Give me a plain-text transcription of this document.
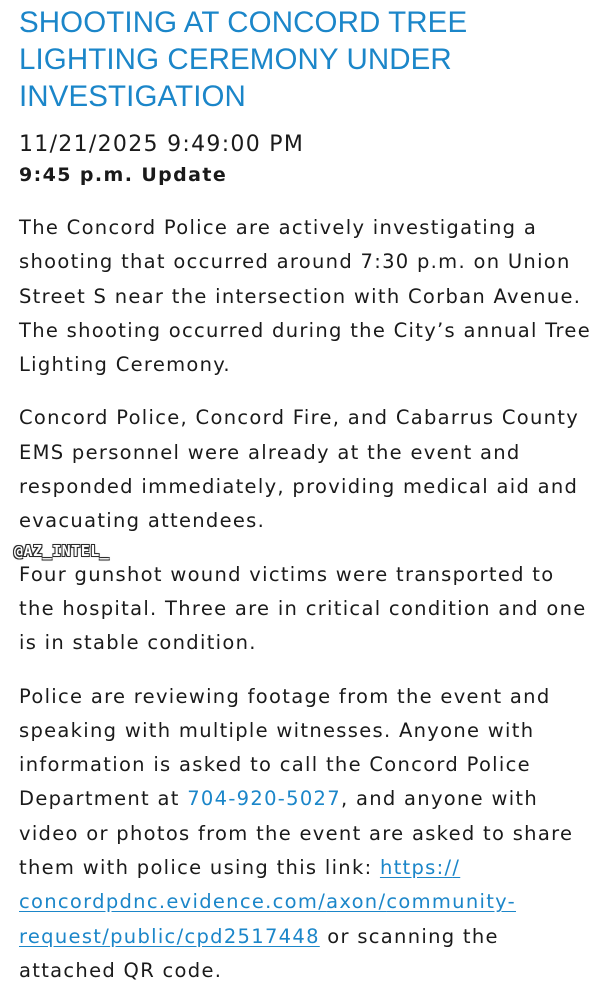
SHOOTING AT CONCORD TREE
LIGHTING CEREMONY UNDER
INVESTIGATION

11/21/2025 9:49:00 PM

9:45 p.m. Update

The Concord Police are actively investigating a shooting that occurred around 7:30 p.m. on Union Street S near the intersection with Corban Avenue. The shooting occurred during the City’s annual Tree Lighting Ceremony.

Concord Police, Concord Fire, and Cabarrus County EMS personnel were already at the event and responded immediately, providing medical aid and evacuating attendees.

Four gunshot wound victims were transported to the hospital. Three are in critical condition and one is in stable condition.

Police are reviewing footage from the event and speaking with multiple witnesses. Anyone with information is asked to call the Concord Police Department at 704-920-5027, and anyone with video or photos from the event are asked to share them with police using this link: https://concordpdnc.evidence.com/axon/community-request/public/cpd2517448 or scanning the attached QR code.

@AZ_INTEL_
